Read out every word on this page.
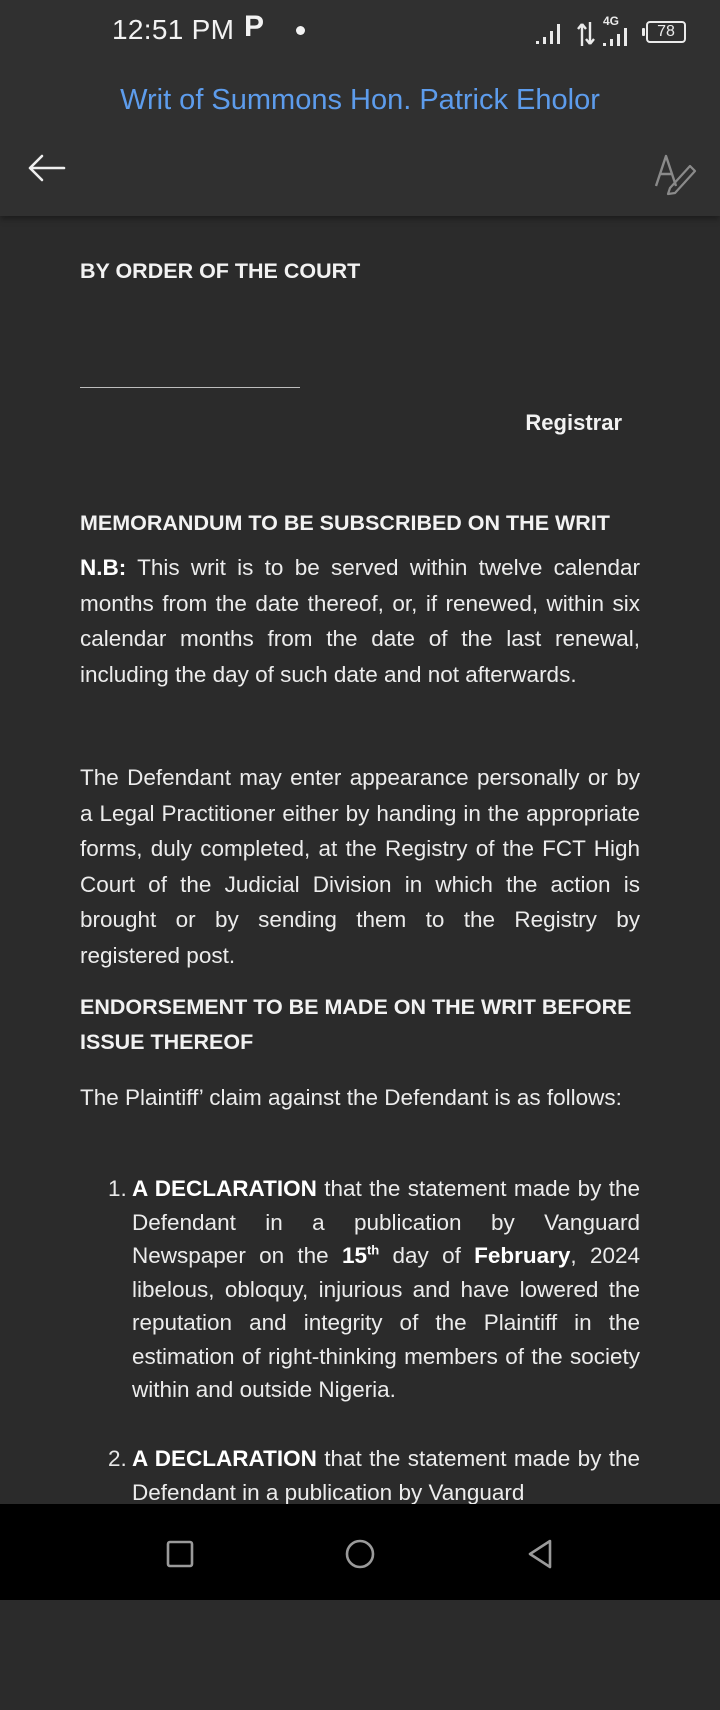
12:51 PM P	4G
78
Writ of Summons Hon. Patrick Eholor

BY ORDER OF THE COURT

Registrar

MEMORANDUM TO BE SUBSCRIBED ON THE WRIT

N.B: This writ is to be served within twelve calendar months from the date thereof, or, if renewed, within six calendar months from the date of the last renewal, including the day of such date and not afterwards.

The Defendant may enter appearance personally or by a Legal Practitioner either by handing in the appropriate forms, duly completed, at the Registry of the FCT High Court of the Judicial Division in which the action is brought or by sending them to the Registry by registered post.

ENDORSEMENT TO BE MADE ON THE WRIT BEFORE ISSUE THEREOF

The Plaintiff’ claim against the Defendant is as follows:

1. A DECLARATION that the statement made by the Defendant in a publication by Vanguard Newspaper on the 15th day of February, 2024 libelous, obloquy, injurious and have lowered the reputation and integrity of the Plaintiff in the estimation of right-thinking members of the society within and outside Nigeria.
2. A DECLARATION that the statement made by the Defendant in a publication by Vanguard
